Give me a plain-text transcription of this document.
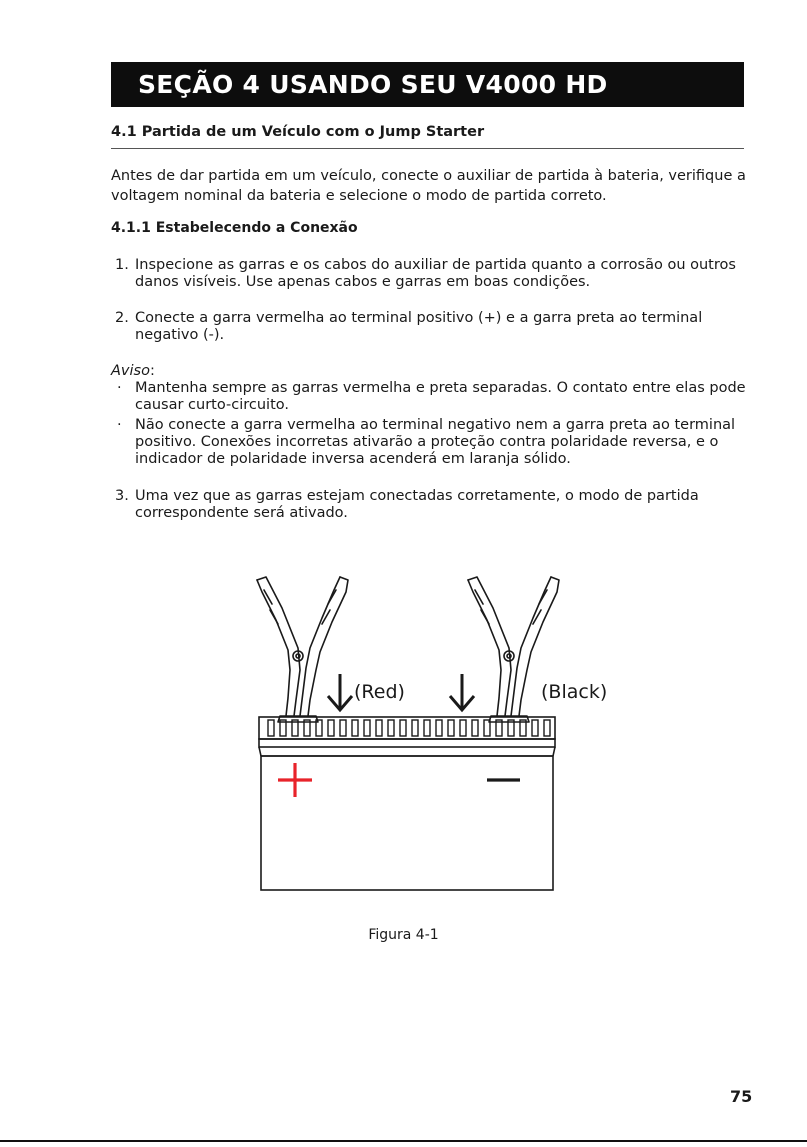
SEÇÃO 4 USANDO SEU V4000 HD
4.1 Partida de um Veículo com o Jump Starter
Antes de dar partida em um veículo, conecte o auxiliar de partida à bateria, verifique a voltagem nominal da bateria e selecione o modo de partida correto.
4.1.1 Estabelecendo a Conexão
1. Inspecione as garras e os cabos do auxiliar de partida quanto a corrosão ou outros danos visíveis. Use apenas cabos e garras em boas condições.
2. Conecte a garra vermelha ao terminal positivo (+) e a garra preta ao terminal negativo (-).
Aviso:
· Mantenha sempre as garras vermelha e preta separadas. O contato entre elas pode causar curto-circuito.
· Não conecte a garra vermelha ao terminal negativo nem a garra preta ao terminal positivo. Conexões incorretas ativarão a proteção contra polaridade reversa, e o indicador de polaridade inversa acenderá em laranja sólido.
3. Uma vez que as garras estejam conectadas corretamente, o modo de partida correspondente será ativado.
(Red)	(Black)
Figura 4-1
75
